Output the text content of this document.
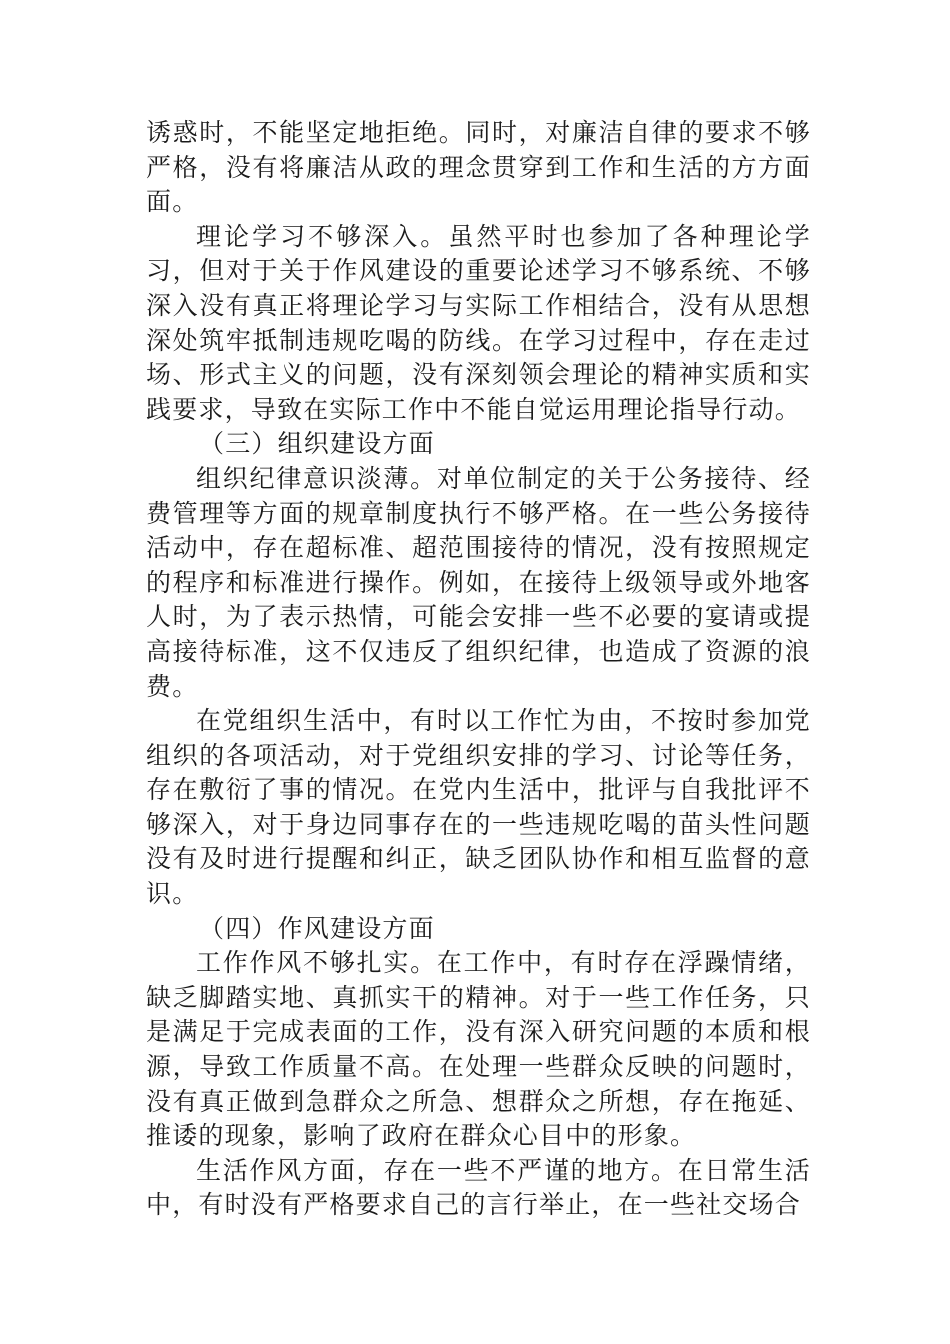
诱惑时，不能坚定地拒绝。同时，对廉洁自律的要求不够严格，没有将廉洁从政的理念贯穿到工作和生活的方方面面。

理论学习不够深入。虽然平时也参加了各种理论学习，但对于关于作风建设的重要论述学习不够系统、不够深入没有真正将理论学习与实际工作相结合，没有从思想深处筑牢抵制违规吃喝的防线。在学习过程中，存在走过场、形式主义的问题，没有深刻领会理论的精神实质和实践要求，导致在实际工作中不能自觉运用理论指导行动。

（三）组织建设方面

组织纪律意识淡薄。对单位制定的关于公务接待、经费管理等方面的规章制度执行不够严格。在一些公务接待活动中，存在超标准、超范围接待的情况，没有按照规定的程序和标准进行操作。例如，在接待上级领导或外地客人时，为了表示热情，可能会安排一些不必要的宴请或提高接待标准，这不仅违反了组织纪律，也造成了资源的浪费。

在党组织生活中，有时以工作忙为由，不按时参加党组织的各项活动，对于党组织安排的学习、讨论等任务，存在敷衍了事的情况。在党内生活中，批评与自我批评不够深入，对于身边同事存在的一些违规吃喝的苗头性问题没有及时进行提醒和纠正，缺乏团队协作和相互监督的意识。

（四）作风建设方面

工作作风不够扎实。在工作中，有时存在浮躁情绪，缺乏脚踏实地、真抓实干的精神。对于一些工作任务，只是满足于完成表面的工作，没有深入研究问题的本质和根源，导致工作质量不高。在处理一些群众反映的问题时，没有真正做到急群众之所急、想群众之所想，存在拖延、推诿的现象，影响了政府在群众心目中的形象。

生活作风方面，存在一些不严谨的地方。在日常生活中，有时没有严格要求自己的言行举止，在一些社交场合
